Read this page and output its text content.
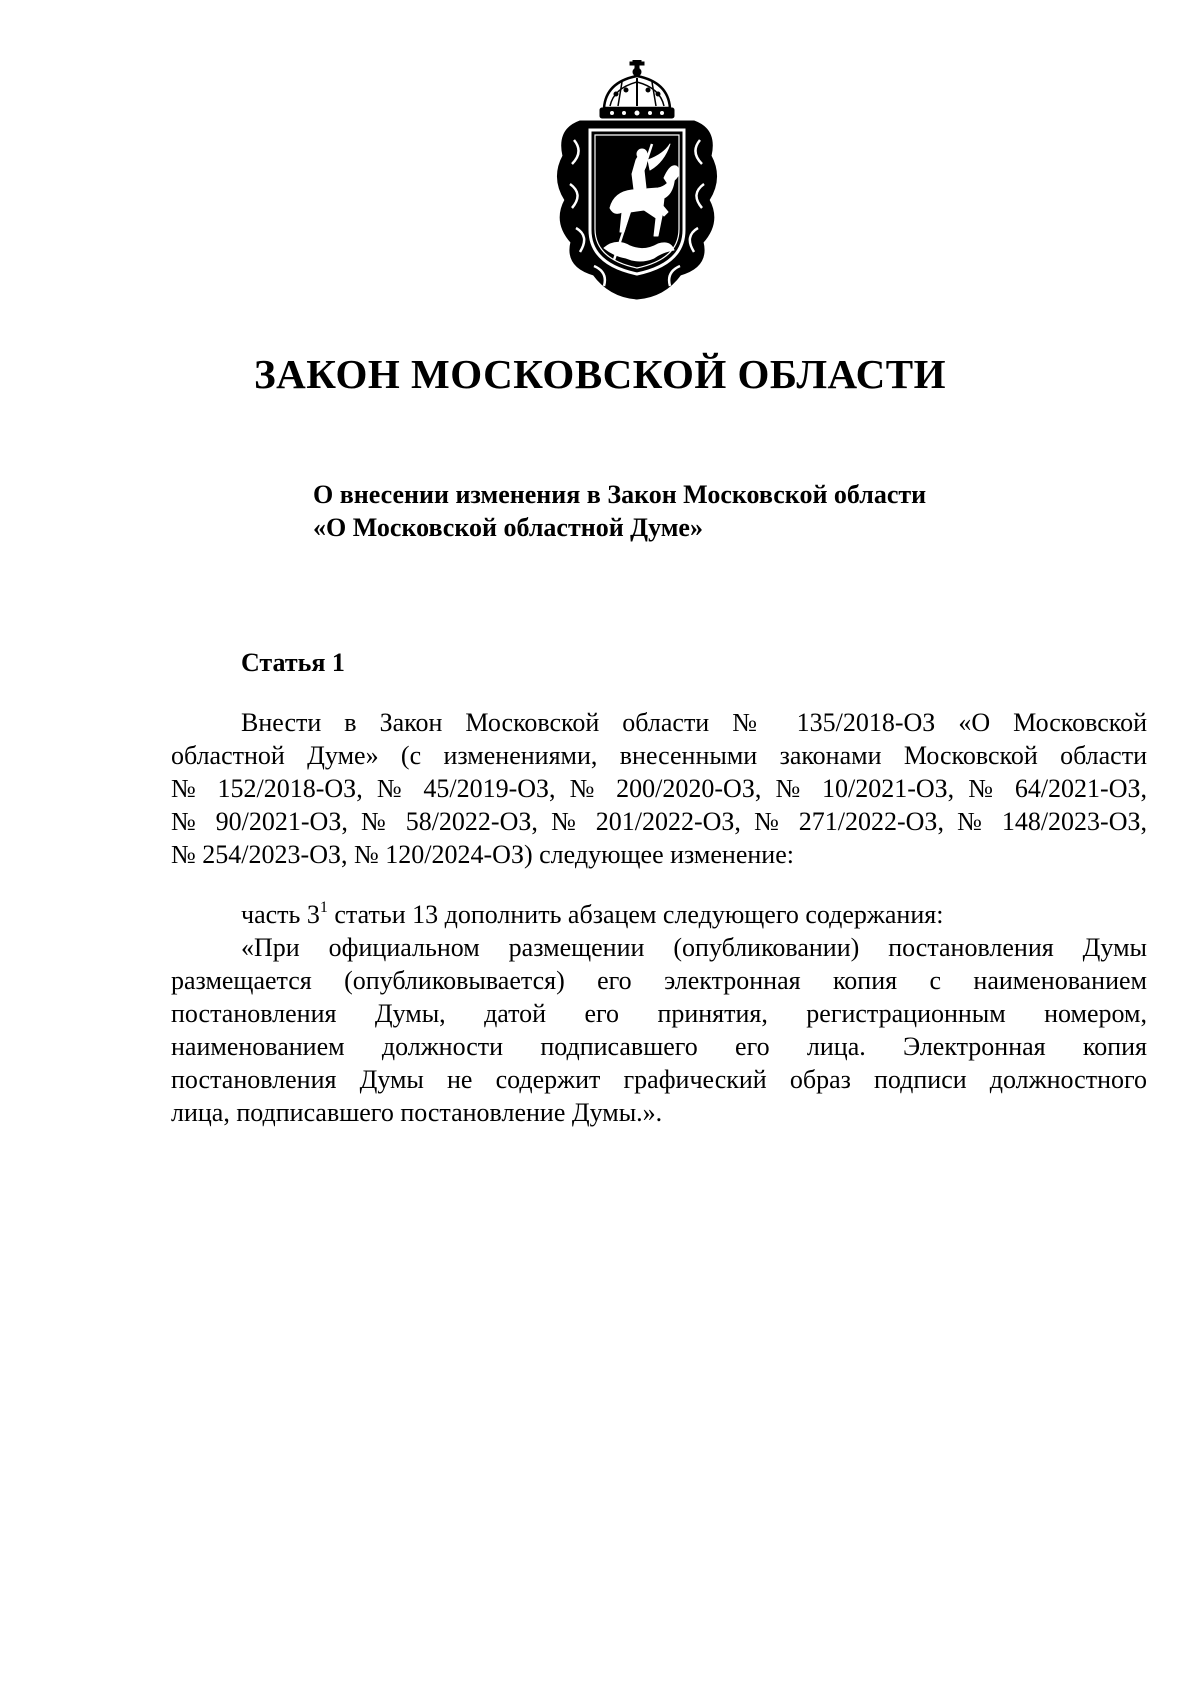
ЗАКОН МОСКОВСКОЙ ОБЛАСТИ
О внесении изменения в Закон Московской области
«О Московской областной Думе»
Статья 1
Внести в Закон Московской области № 135/2018-ОЗ «О Московской
областной Думе» (с изменениями, внесенными законами Московской области
№ 152/2018-ОЗ, № 45/2019-ОЗ, № 200/2020-ОЗ, № 10/2021-ОЗ, № 64/2021-ОЗ,
№ 90/2021-ОЗ, № 58/2022-ОЗ, № 201/2022-ОЗ, № 271/2022-ОЗ, № 148/2023-ОЗ,
№ 254/2023-ОЗ, № 120/2024-ОЗ) следующее изменение:
часть $3^1$ статьи 13 дополнить абзацем следующего содержания:
«При официальном размещении (опубликовании) постановления Думы
размещается (опубликовывается) его электронная копия с наименованием
постановления Думы, датой его принятия, регистрационным номером,
наименованием должности подписавшего его лица. Электронная копия
постановления Думы не содержит графический образ подписи должностного
лица, подписавшего постановление Думы.».
